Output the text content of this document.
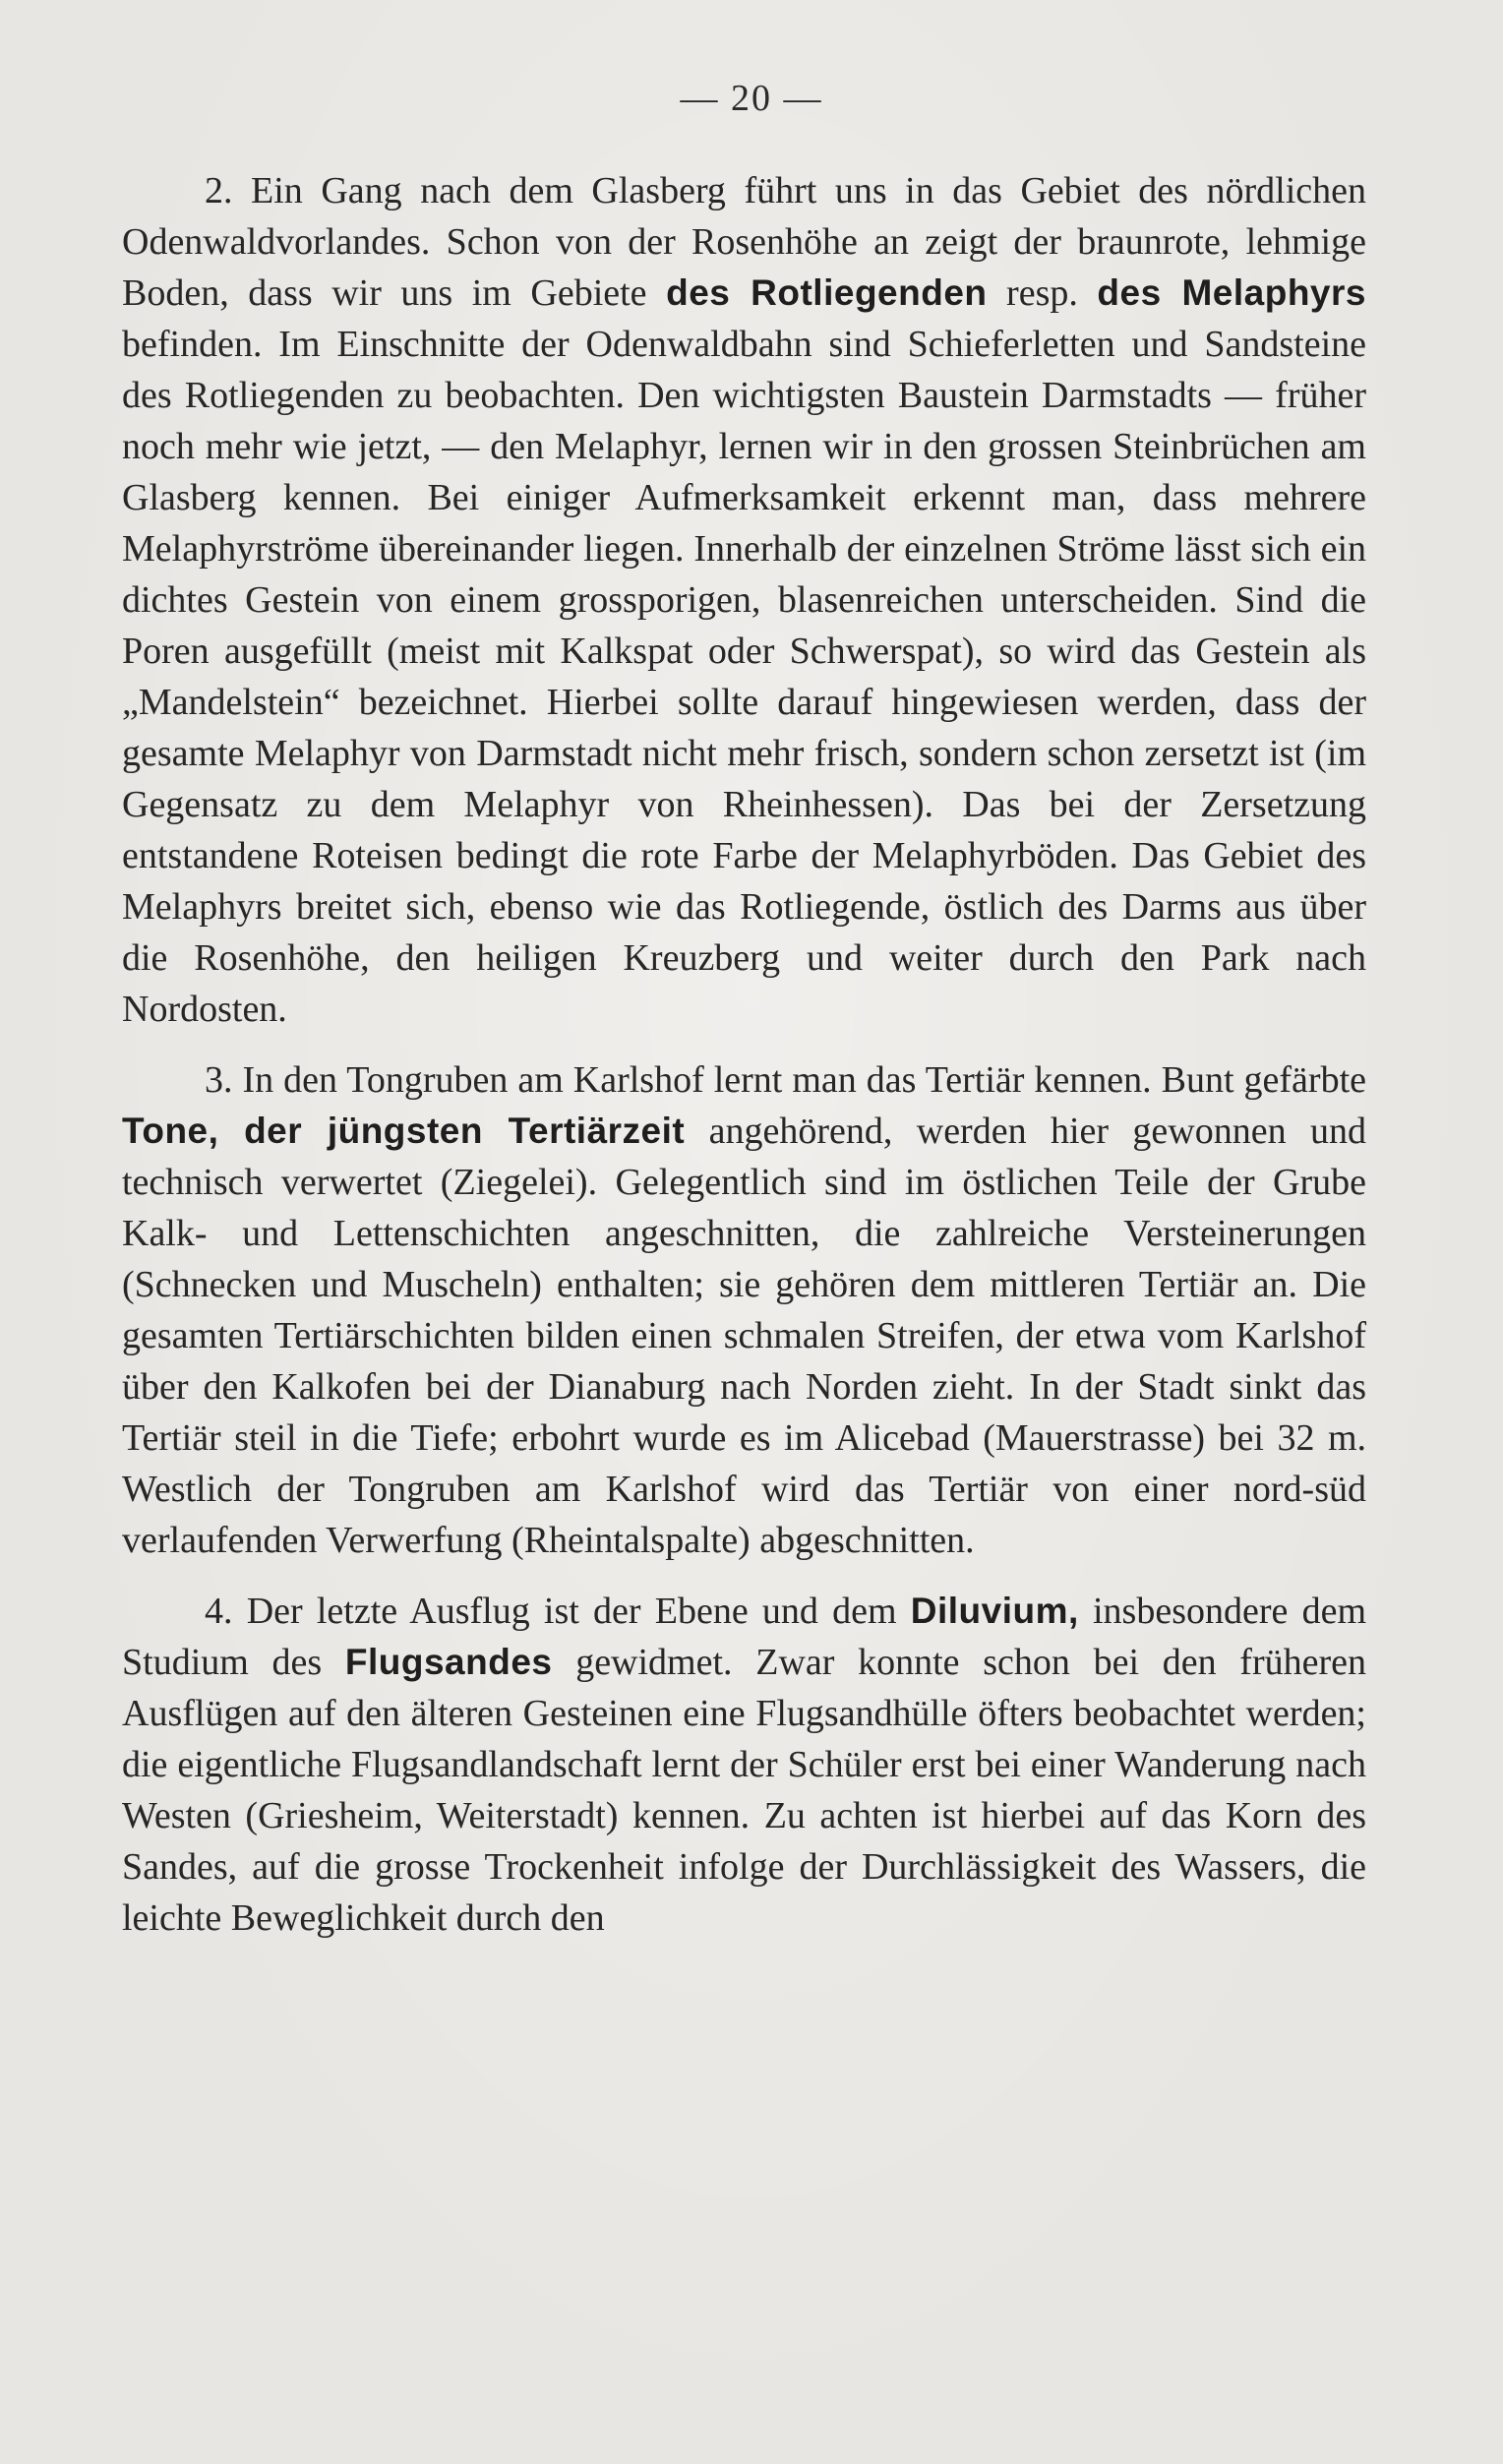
— 20 —

2. Ein Gang nach dem Glasberg führt uns in das Gebiet des nördlichen Odenwaldvorlandes. Schon von der Rosenhöhe an zeigt der braunrote, lehmige Boden, dass wir uns im Gebiete des Rotliegenden resp. des Melaphyrs befinden. Im Einschnitte der Odenwaldbahn sind Schieferletten und Sandsteine des Rotliegenden zu beobachten. Den wichtigsten Baustein Darmstadts — früher noch mehr wie jetzt, — den Melaphyr, lernen wir in den grossen Steinbrüchen am Glasberg kennen. Bei einiger Aufmerksamkeit erkennt man, dass mehrere Melaphyrströme übereinander liegen. Innerhalb der einzelnen Ströme lässt sich ein dichtes Gestein von einem grossporigen, blasenreichen unterscheiden. Sind die Poren ausgefüllt (meist mit Kalkspat oder Schwerspat), so wird das Gestein als „Mandelstein“ bezeichnet. Hierbei sollte darauf hingewiesen werden, dass der gesamte Melaphyr von Darmstadt nicht mehr frisch, sondern schon zersetzt ist (im Gegensatz zu dem Melaphyr von Rheinhessen). Das bei der Zersetzung entstandene Roteisen bedingt die rote Farbe der Melaphyrböden. Das Gebiet des Melaphyrs breitet sich, ebenso wie das Rotliegende, östlich des Darms aus über die Rosenhöhe, den heiligen Kreuzberg und weiter durch den Park nach Nordosten.

3. In den Tongruben am Karlshof lernt man das Tertiär kennen. Bunt gefärbte Tone, der jüngsten Tertiärzeit angehörend, werden hier gewonnen und technisch verwertet (Ziegelei). Gelegentlich sind im östlichen Teile der Grube Kalk- und Lettenschichten angeschnitten, die zahlreiche Versteinerungen (Schnecken und Muscheln) enthalten; sie gehören dem mittleren Tertiär an. Die gesamten Tertiärschichten bilden einen schmalen Streifen, der etwa vom Karlshof über den Kalkofen bei der Dianaburg nach Norden zieht. In der Stadt sinkt das Tertiär steil in die Tiefe; erbohrt wurde es im Alicebad (Mauerstrasse) bei 32 m. Westlich der Tongruben am Karlshof wird das Tertiär von einer nord-süd verlaufenden Verwerfung (Rheintalspalte) abgeschnitten.

4. Der letzte Ausflug ist der Ebene und dem Diluvium, insbesondere dem Studium des Flugsandes gewidmet. Zwar konnte schon bei den früheren Ausflügen auf den älteren Gesteinen eine Flugsandhülle öfters beobachtet werden; die eigentliche Flugsandlandschaft lernt der Schüler erst bei einer Wanderung nach Westen (Griesheim, Weiterstadt) kennen. Zu achten ist hierbei auf das Korn des Sandes, auf die grosse Trockenheit infolge der Durchlässigkeit des Wassers, die leichte Beweglichkeit durch den
